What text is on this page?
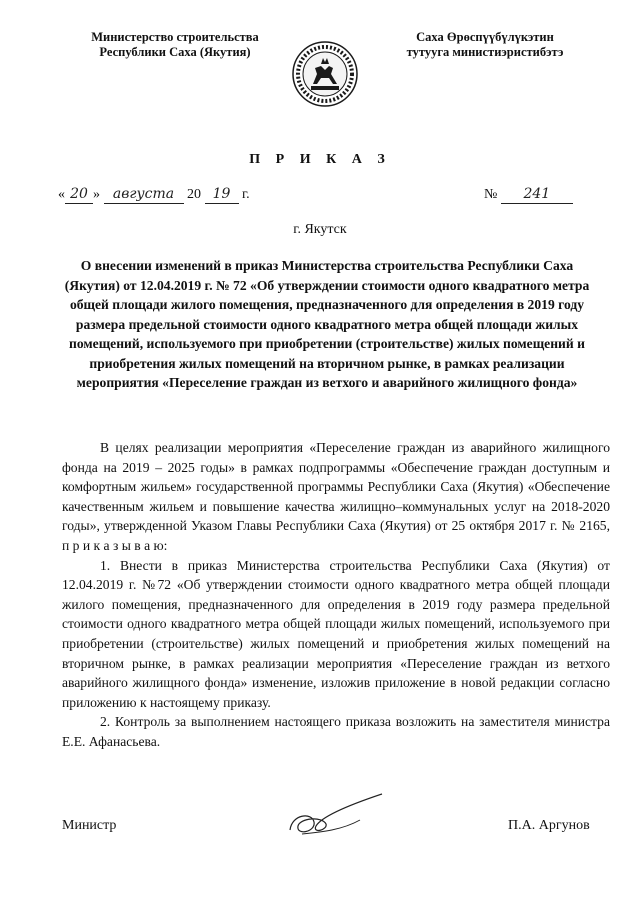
Министерство строительства
Республики Саха (Якутия)
Саха Өрөспүүбүлүкэтин
тутууга министиэристибэтэ
П Р И К А З
« 20 » августа 20 19 г.	№ 241
г. Якутск
О внесении изменений в приказ Министерства строительства Республики Саха (Якутия) от 12.04.2019 г. № 72 «Об утверждении стоимости одного квадратного метра общей площади жилого помещения, предназначенного для определения в 2019 году размера предельной стоимости одного квадратного метра общей площади жилых помещений, используемого при приобретении (строительстве) жилых помещений и приобретения жилых помещений на вторичном рынке, в рамках реализации мероприятия «Переселение граждан из ветхого и аварийного жилищного фонда»

В целях реализации мероприятия «Переселение граждан из аварийного жилищного фонда на 2019 – 2025 годы» в рамках подпрограммы «Обеспечение граждан доступным и комфортным жильем» государственной программы Республики Саха (Якутия) «Обеспечение качественным жильем и повышение качества жилищно–коммунальных услуг на 2018-2020 годы», утвержденной Указом Главы Республики Саха (Якутия) от 25 октября 2017 г. № 2165, п р и к а з ы в а ю:

1. Внести в приказ Министерства строительства Республики Саха (Якутия) от 12.04.2019 г. №72 «Об утверждении стоимости одного квадратного метра общей площади жилого помещения, предназначенного для определения в 2019 году размера предельной стоимости одного квадратного метра общей площади жилых помещений, используемого при приобретении (строительстве) жилых помещений и приобретения жилых помещений на вторичном рынке, в рамках реализации мероприятия «Переселение граждан из ветхого аварийного жилищного фонда» изменение, изложив приложение в новой редакции согласно приложению к настоящему приказу.

2. Контроль за выполнением настоящего приказа возложить на заместителя министра Е.Е. Афанасьева.

Министр	П.А. Аргунов
